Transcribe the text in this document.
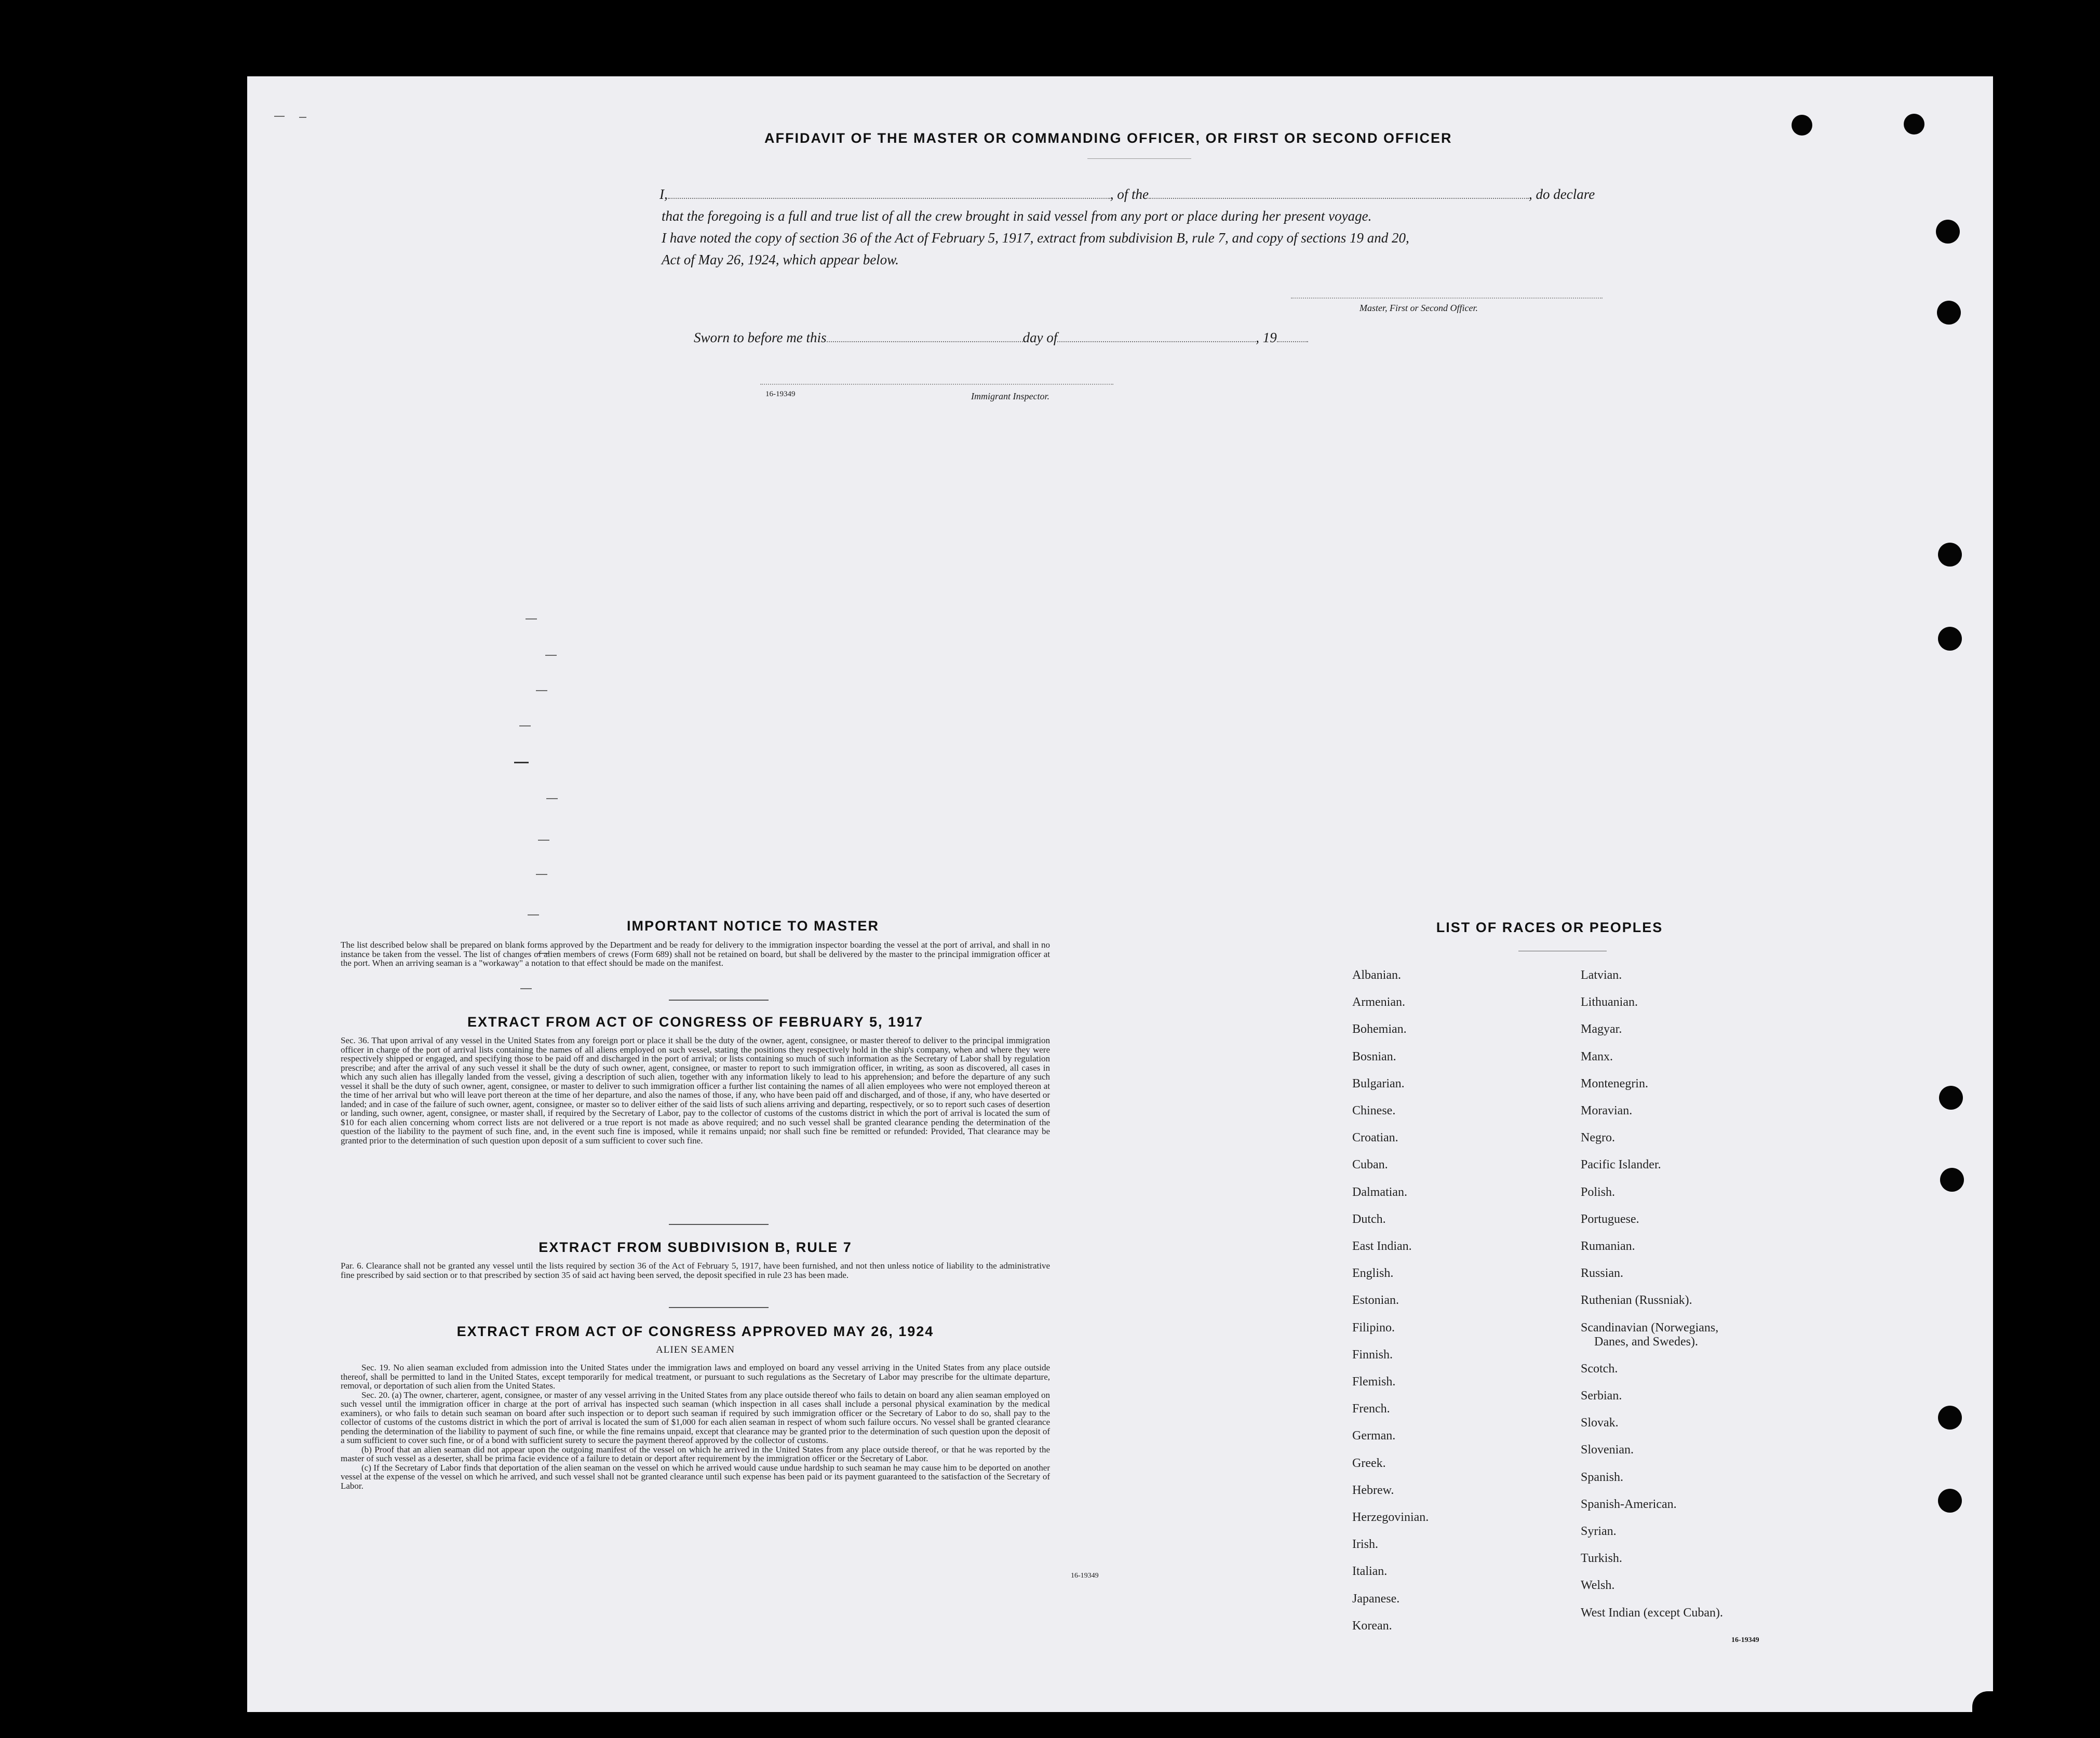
AFFIDAVIT OF THE MASTER OR COMMANDING OFFICER, OR FIRST OR SECOND OFFICER
I,	, of the	, do declare
that the foregoing is a full and true list of all the crew brought in said vessel from any port or place during her present voyage.
I have noted the copy of section 36 of the Act of February 5, 1917, extract from subdivision B, rule 7, and copy of sections 19 and 20,
Act of May 26, 1924, which appear below.
Master, First or Second Officer.
Sworn to before me this	day of	, 19
16-19349	Immigrant Inspector.
IMPORTANT NOTICE TO MASTER
The list described below shall be prepared on blank forms approved by the Department and be ready for delivery to the immigration inspector boarding the vessel at the port of arrival, and shall in no instance be taken from the vessel. The list of changes of alien members of crews (Form 689) shall not be retained on board, but shall be delivered by the master to the principal immigration officer at the port. When an arriving seaman is a "workaway" a notation to that effect should be made on the manifest.
EXTRACT FROM ACT OF CONGRESS OF FEBRUARY 5, 1917
Sec. 36. That upon arrival of any vessel in the United States from any foreign port or place it shall be the duty of the owner, agent, consignee, or master thereof to deliver to the principal immigration officer in charge of the port of arrival lists containing the names of all aliens employed on such vessel, stating the positions they respectively hold in the ship's company, when and where they were respectively shipped or engaged, and specifying those to be paid off and discharged in the port of arrival; or lists containing so much of such information as the Secretary of Labor shall by regulation prescribe; and after the arrival of any such vessel it shall be the duty of such owner, agent, consignee, or master to report to such immigration officer, in writing, as soon as discovered, all cases in which any such alien has illegally landed from the vessel, giving a description of such alien, together with any information likely to lead to his apprehension; and before the departure of any such vessel it shall be the duty of such owner, agent, consignee, or master to deliver to such immigration officer a further list containing the names of all alien employees who were not employed thereon at the time of her arrival but who will leave port thereon at the time of her departure, and also the names of those, if any, who have been paid off and discharged, and of those, if any, who have deserted or landed; and in case of the failure of such owner, agent, consignee, or master so to deliver either of the said lists of such aliens arriving and departing, respectively, or so to report such cases of desertion or landing, such owner, agent, consignee, or master shall, if required by the Secretary of Labor, pay to the collector of customs of the customs district in which the port of arrival is located the sum of $10 for each alien concerning whom correct lists are not delivered or a true report is not made as above required; and no such vessel shall be granted clearance pending the determination of the question of the liability to the payment of such fine, and, in the event such fine is imposed, while it remains unpaid; nor shall such fine be remitted or refunded: Provided, That clearance may be granted prior to the determination of such question upon deposit of a sum sufficient to cover such fine.
EXTRACT FROM SUBDIVISION B, RULE 7
Par. 6. Clearance shall not be granted any vessel until the lists required by section 36 of the Act of February 5, 1917, have been furnished, and not then unless notice of liability to the administrative fine prescribed by said section or to that prescribed by section 35 of said act having been served, the deposit specified in rule 23 has been made.
EXTRACT FROM ACT OF CONGRESS APPROVED MAY 26, 1924
ALIEN SEAMEN
Sec. 19. No alien seaman excluded from admission into the United States under the immigration laws and employed on board any vessel arriving in the United States from any place outside thereof, shall be permitted to land in the United States, except temporarily for medical treatment, or pursuant to such regulations as the Secretary of Labor may prescribe for the ultimate departure, removal, or deportation of such alien from the United States.
Sec. 20. (a) The owner, charterer, agent, consignee, or master of any vessel arriving in the United States from any place outside thereof who fails to detain on board any alien seaman employed on such vessel until the immigration officer in charge at the port of arrival has inspected such seaman (which inspection in all cases shall include a personal physical examination by the medical examiners), or who fails to detain such seaman on board after such inspection or to deport such seaman if required by such immigration officer or the Secretary of Labor to do so, shall pay to the collector of customs of the customs district in which the port of arrival is located the sum of $1,000 for each alien seaman in respect of whom such failure occurs. No vessel shall be granted clearance pending the determination of the liability to payment of such fine, or while the fine remains unpaid, except that clearance may be granted prior to the determination of such question upon the deposit of a sum sufficient to cover such fine, or of a bond with sufficient surety to secure the payment thereof approved by the collector of customs.
(b) Proof that an alien seaman did not appear upon the outgoing manifest of the vessel on which he arrived in the United States from any place outside thereof, or that he was reported by the master of such vessel as a deserter, shall be prima facie evidence of a failure to detain or deport after requirement by the immigration officer or the Secretary of Labor.
(c) If the Secretary of Labor finds that deportation of the alien seaman on the vessel on which he arrived would cause undue hardship to such seaman he may cause him to be deported on another vessel at the expense of the vessel on which he arrived, and such vessel shall not be granted clearance until such expense has been paid or its payment guaranteed to the satisfaction of the Secretary of Labor.
16-19349
LIST OF RACES OR PEOPLES
16-19349
Albanian.
Armenian.
Bohemian.
Bosnian.
Bulgarian.
Chinese.
Croatian.
Cuban.
Dalmatian.
Dutch.
East Indian.
English.
Estonian.
Filipino.
Finnish.
Flemish.
French.
German.
Greek.
Hebrew.
Herzegovinian.
Irish.
Italian.
Japanese.
Korean.
Latvian.
Lithuanian.
Magyar.
Manx.
Montenegrin.
Moravian.
Negro.
Pacific Islander.
Polish.
Portuguese.
Rumanian.
Russian.
Ruthenian (Russniak).
Scandinavian (Norwegians,
Danes, and Swedes).
Scotch.
Serbian.
Slovak.
Slovenian.
Spanish.
Spanish-American.
Syrian.
Turkish.
Welsh.
West Indian (except Cuban).
